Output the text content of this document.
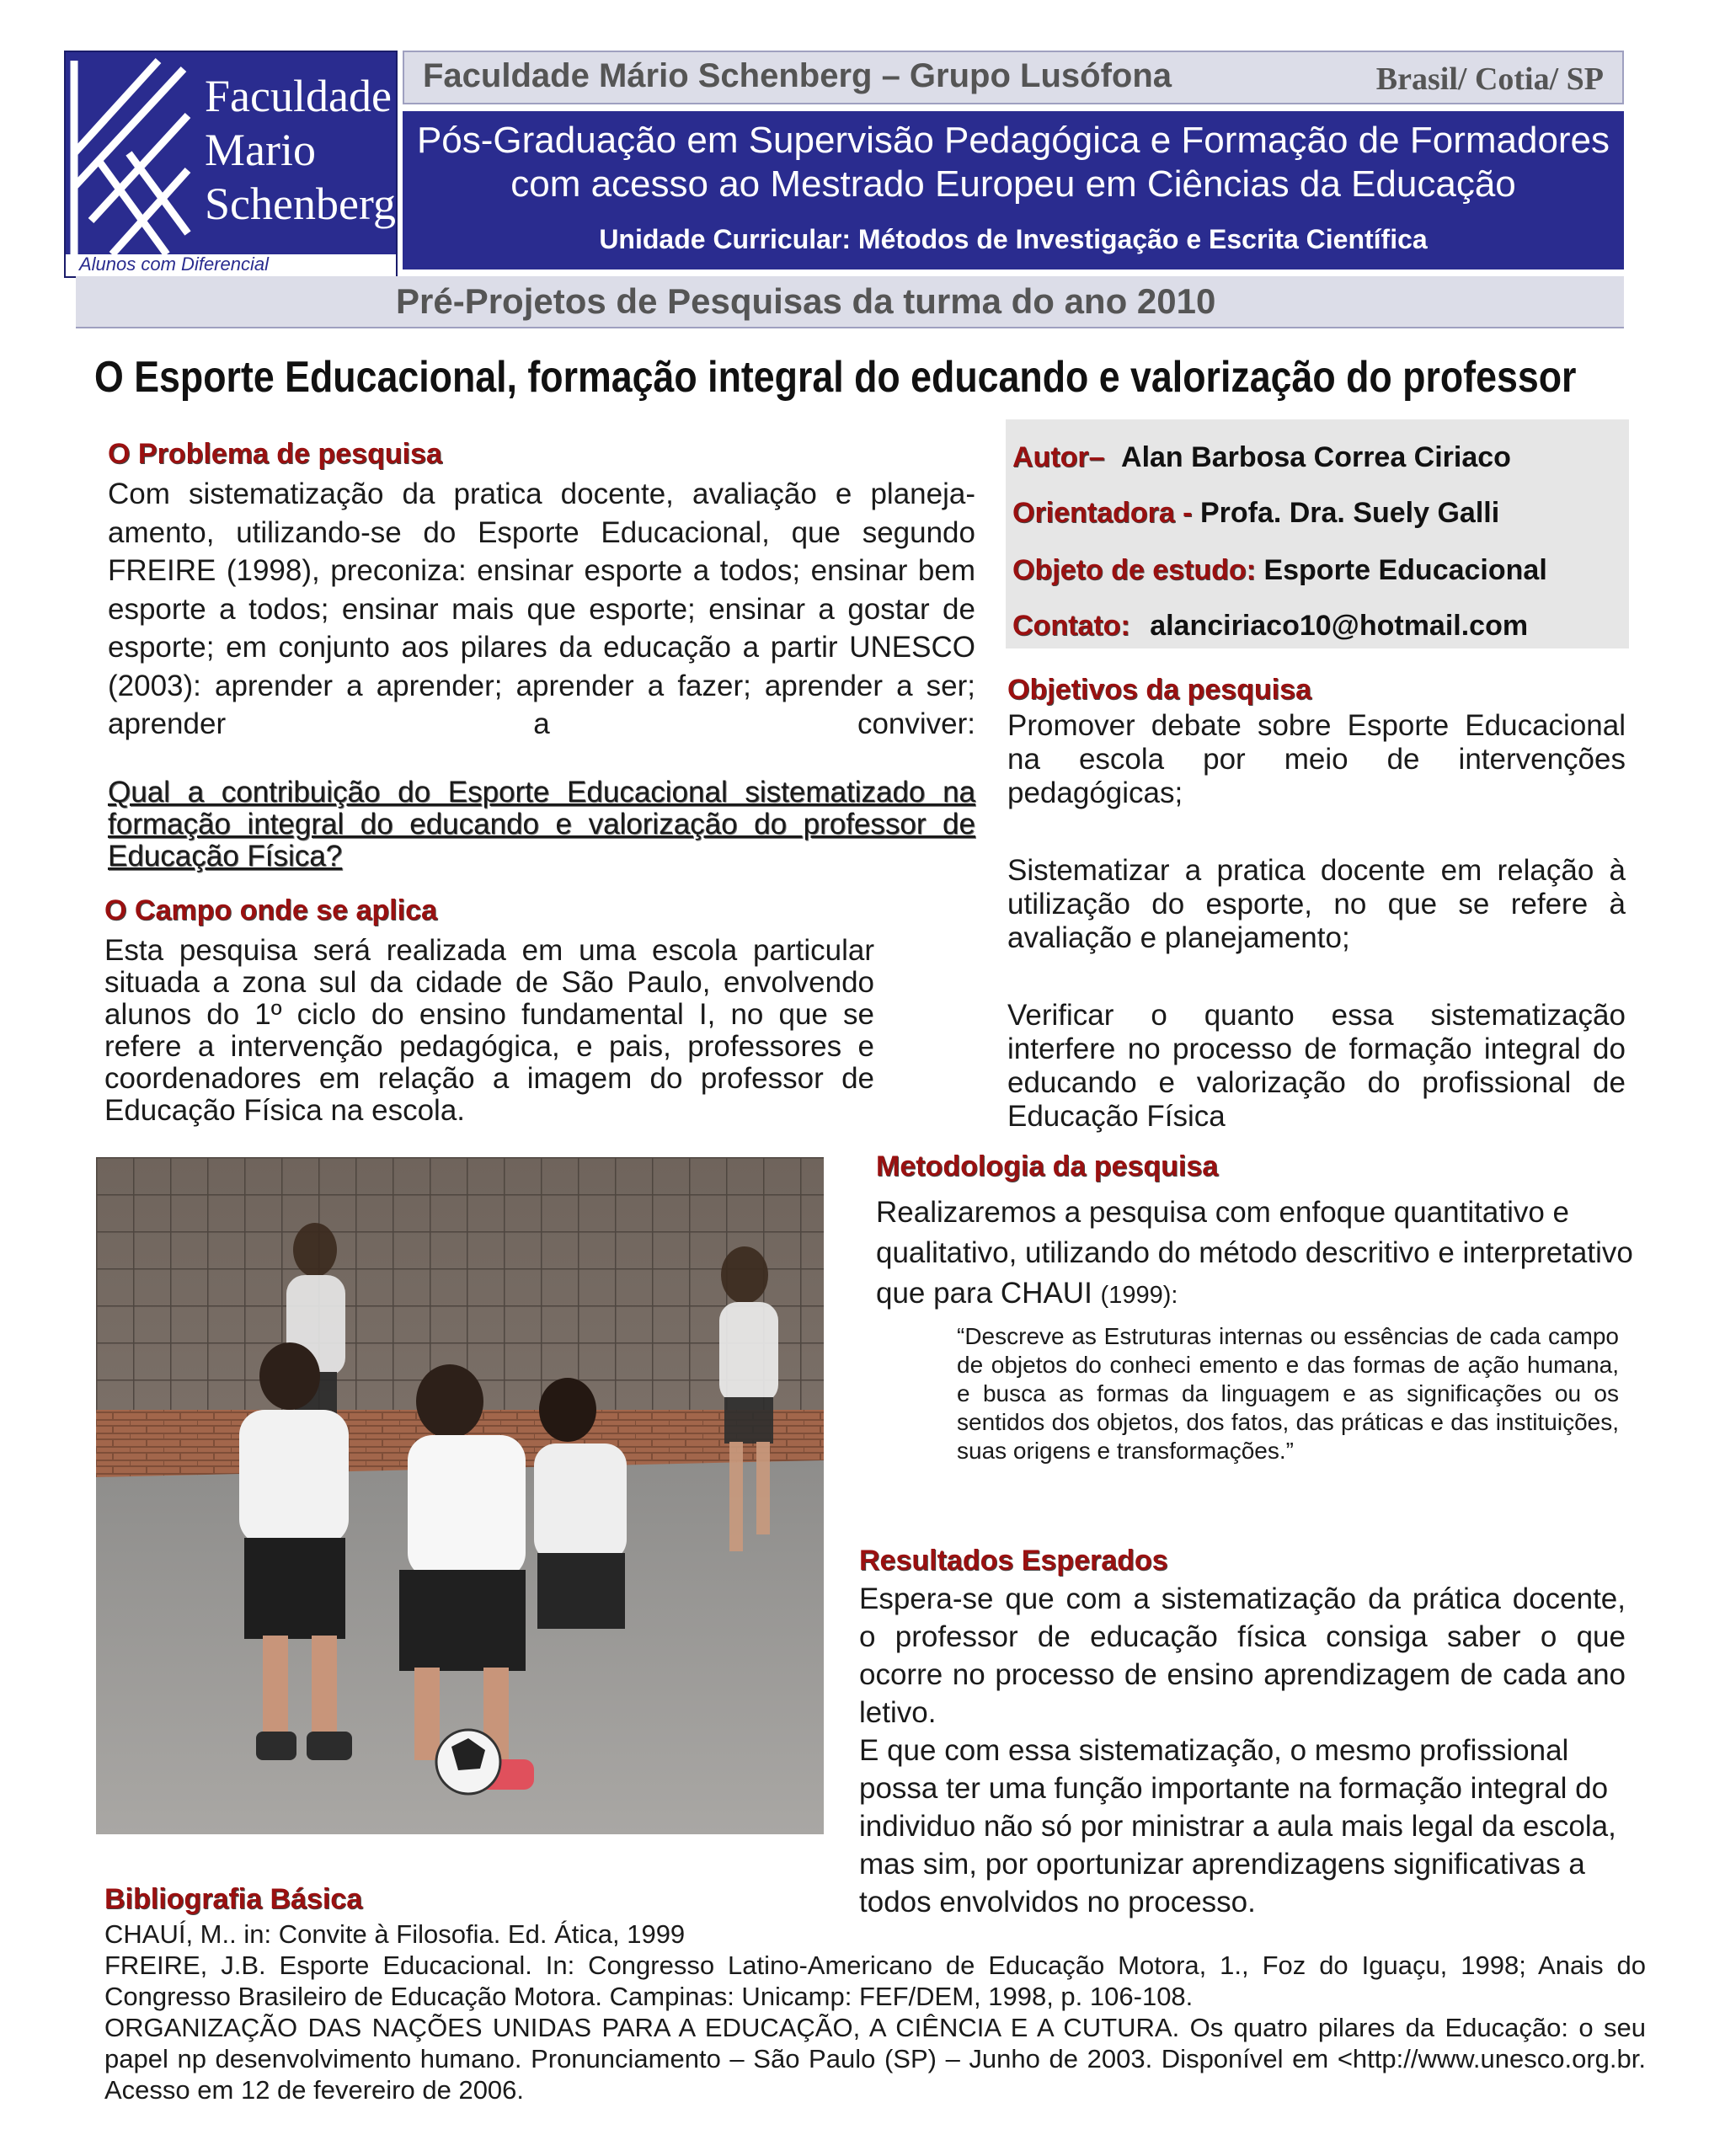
Faculdade
Mario
Schenberg
Alunos com Diferencial
Faculdade Mário Schenberg – Grupo Lusófona	Brasil/ Cotia/ SP
Pós-Graduação em Supervisão Pedagógica e Formação de Formadores
com acesso ao Mestrado Europeu em Ciências da Educação
Unidade Curricular: Métodos de Investigação e Escrita Científica
Pré-Projetos de Pesquisas da turma do ano 2010
O Esporte Educacional, formação integral do educando e valorização do professor
O Problema de pesquisa

Com sistematização da pratica docente, avaliação e planeja-amento, utilizando-se do Esporte Educacional, que segundo FREIRE (1998), preconiza: ensinar esporte a todos; ensinar bem esporte a todos; ensinar mais que esporte; ensinar a gostar de esporte; em conjunto aos pilares da educação a partir UNESCO (2003): aprender a aprender; aprender a fazer; aprender a ser; aprender a conviver:

Qual a contribuição do Esporte Educacional sistematizado na formação integral do educando e valorização do professor de Educação Física?

O Campo onde se aplica

Esta pesquisa será realizada em uma escola particular situada a zona sul da cidade de São Paulo, envolvendo alunos do 1º ciclo do ensino fundamental I, no que se refere a intervenção pedagógica, e pais, professores e coordenadores em relação a imagem do professor de Educação Física na escola.

Autor– Alan Barbosa Correa Ciriaco
Orientadora - Profa. Dra. Suely Galli
Objeto de estudo: Esporte Educacional
Contato: alanciriaco10@hotmail.com
Objetivos da pesquisa

Promover debate sobre Esporte Educacional na escola por meio de intervenções pedagógicas;

Sistematizar a pratica docente em relação à utilização do esporte, no que se refere à avaliação e planejamento;

Verificar o quanto essa sistematização interfere no processo de formação integral do educando e valorização do profissional de Educação Física

Metodologia da pesquisa

Realizaremos a pesquisa com enfoque quantitativo e qualitativo, utilizando do método descritivo e interpretativo que para CHAUI (1999):

“Descreve as Estruturas internas ou essências de cada campo de objetos do conheci emento e das formas de ação humana, e busca as formas da linguagem e as significações ou os sentidos dos objetos, dos fatos, das práticas e das instituições, suas origens e transformações.”

Resultados Esperados

Espera-se que com a sistematização da prática docente, o professor de educação física consiga saber o que ocorre no processo de ensino aprendizagem de cada ano letivo.

E que com essa sistematização, o mesmo profissional possa ter uma função importante na formação integral do individuo não só por ministrar a aula mais legal da escola, mas sim, por oportunizar aprendizagens significativas a todos envolvidos no processo.

Bibliografia Básica

CHAUÍ, M.. in: Convite à Filosofia. Ed. Ática, 1999

FREIRE, J.B. Esporte Educacional. In: Congresso Latino-Americano de Educação Motora, 1., Foz do Iguaçu, 1998; Anais do Congresso Brasileiro de Educação Motora. Campinas: Unicamp: FEF/DEM, 1998, p. 106-108.

ORGANIZAÇÃO DAS NAÇÕES UNIDAS PARA A EDUCAÇÃO, A CIÊNCIA E A CUTURA. Os quatro pilares da Educação: o seu papel np desenvolvimento humano. Pronunciamento – São Paulo (SP) – Junho de 2003. Disponível em <http://www.unesco.org.br. Acesso em 12 de fevereiro de 2006.
